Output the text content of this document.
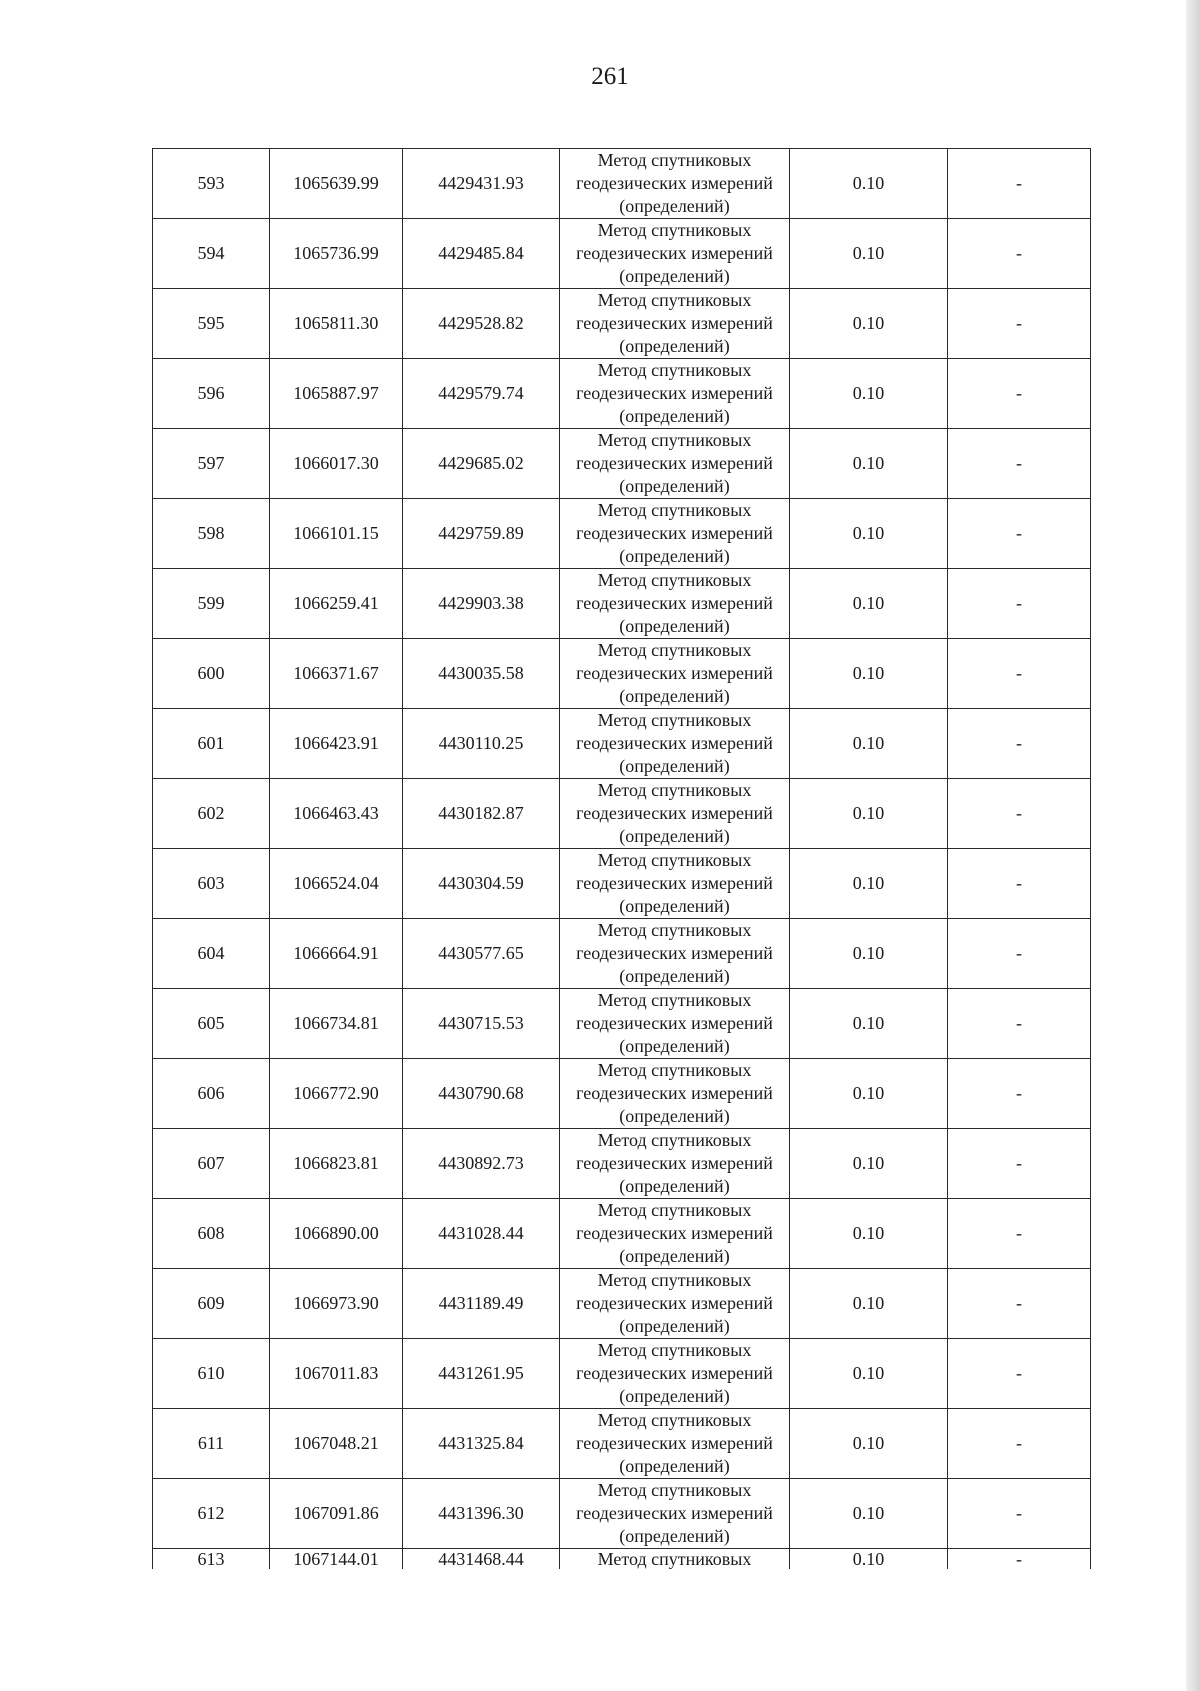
261
593	1065639.99	4429431.93	Метод спутниковых
геодезических измерений
(определений)	0.10	-
594	1065736.99	4429485.84	Метод спутниковых
геодезических измерений
(определений)	0.10	-
595	1065811.30	4429528.82	Метод спутниковых
геодезических измерений
(определений)	0.10	-
596	1065887.97	4429579.74	Метод спутниковых
геодезических измерений
(определений)	0.10	-
597	1066017.30	4429685.02	Метод спутниковых
геодезических измерений
(определений)	0.10	-
598	1066101.15	4429759.89	Метод спутниковых
геодезических измерений
(определений)	0.10	-
599	1066259.41	4429903.38	Метод спутниковых
геодезических измерений
(определений)	0.10	-
600	1066371.67	4430035.58	Метод спутниковых
геодезических измерений
(определений)	0.10	-
601	1066423.91	4430110.25	Метод спутниковых
геодезических измерений
(определений)	0.10	-
602	1066463.43	4430182.87	Метод спутниковых
геодезических измерений
(определений)	0.10	-
603	1066524.04	4430304.59	Метод спутниковых
геодезических измерений
(определений)	0.10	-
604	1066664.91	4430577.65	Метод спутниковых
геодезических измерений
(определений)	0.10	-
605	1066734.81	4430715.53	Метод спутниковых
геодезических измерений
(определений)	0.10	-
606	1066772.90	4430790.68	Метод спутниковых
геодезических измерений
(определений)	0.10	-
607	1066823.81	4430892.73	Метод спутниковых
геодезических измерений
(определений)	0.10	-
608	1066890.00	4431028.44	Метод спутниковых
геодезических измерений
(определений)	0.10	-
609	1066973.90	4431189.49	Метод спутниковых
геодезических измерений
(определений)	0.10	-
610	1067011.83	4431261.95	Метод спутниковых
геодезических измерений
(определений)	0.10	-
611	1067048.21	4431325.84	Метод спутниковых
геодезических измерений
(определений)	0.10	-
612	1067091.86	4431396.30	Метод спутниковых
геодезических измерений
(определений)	0.10	-
613	1067144.01	4431468.44	Метод спутниковых	0.10	-
